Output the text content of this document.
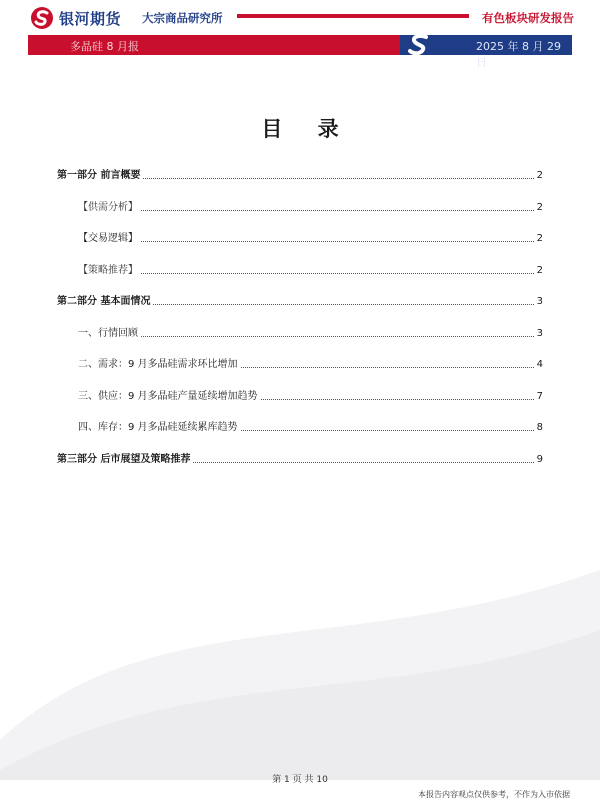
银河期货 大宗商品研究所	有色板块研发报告
多晶硅 8 月报	2025 年 8 月 29 日
目 录
第一部分 前言概要	2
【供需分析】	2
【交易逻辑】	2
【策略推荐】	2
第二部分 基本面情况	3
一、行情回顾	3
二、需求：9 月多晶硅需求环比增加	4
三、供应：9 月多晶硅产量延续增加趋势	7
四、库存：9 月多晶硅延续累库趋势	8
第三部分 后市展望及策略推荐	9
第 1 页 共 10
本报告内容观点仅供参考，不作为入市依据
